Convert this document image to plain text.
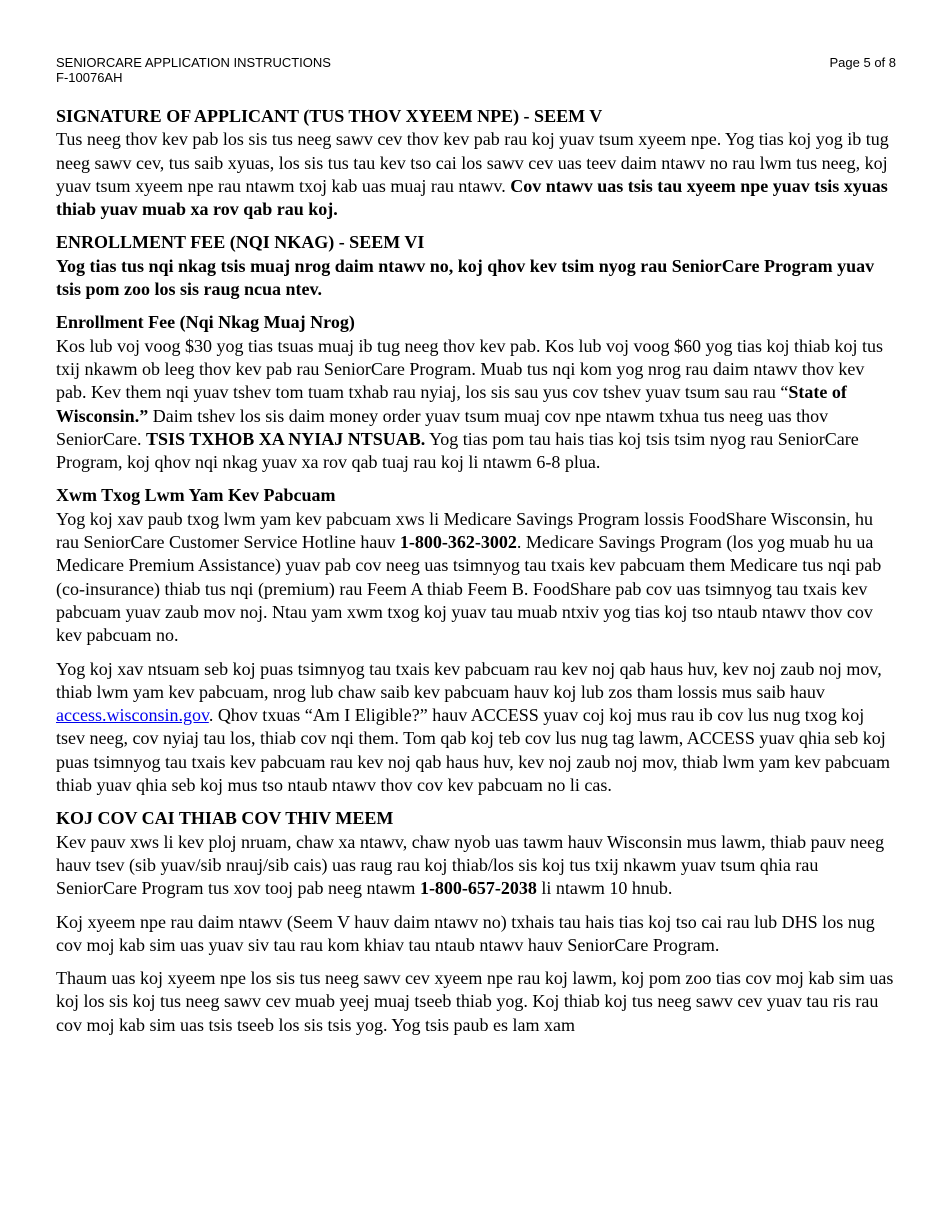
SENIORCARE APPLICATION INSTRUCTIONS
F-10076AH
Page 5 of 8
SIGNATURE OF APPLICANT (TUS THOV XYEEM NPE) - SEEM V

Tus neeg thov kev pab los sis tus neeg sawv cev thov kev pab rau koj yuav tsum xyeem npe. Yog tias koj yog ib tug neeg sawv cev, tus saib xyuas, los sis tus tau kev tso cai los sawv cev uas teev daim ntawv no rau lwm tus neeg, koj yuav tsum xyeem npe rau ntawm txoj kab uas muaj rau ntawv. Cov ntawv uas tsis tau xyeem npe yuav tsis xyuas thiab yuav muab xa rov qab rau koj.

ENROLLMENT FEE (NQI NKAG) - SEEM VI

Yog tias tus nqi nkag tsis muaj nrog daim ntawv no, koj qhov kev tsim nyog rau SeniorCare Program yuav tsis pom zoo los sis raug ncua ntev.

Enrollment Fee (Nqi Nkag Muaj Nrog)

Kos lub voj voog $30 yog tias tsuas muaj ib tug neeg thov kev pab. Kos lub voj voog $60 yog tias koj thiab koj tus txij nkawm ob leeg thov kev pab rau SeniorCare Program. Muab tus nqi kom yog nrog rau daim ntawv thov kev pab. Kev them nqi yuav tshev tom tuam txhab rau nyiaj, los sis sau yus cov tshev yuav tsum sau rau “State of Wisconsin.” Daim tshev los sis daim money order yuav tsum muaj cov npe ntawm txhua tus neeg uas thov SeniorCare. TSIS TXHOB XA NYIAJ NTSUAB. Yog tias pom tau hais tias koj tsis tsim nyog rau SeniorCare Program, koj qhov nqi nkag yuav xa rov qab tuaj rau koj li ntawm 6-8 plua.

Xwm Txog Lwm Yam Kev Pabcuam

Yog koj xav paub txog lwm yam kev pabcuam xws li Medicare Savings Program lossis FoodShare Wisconsin, hu rau SeniorCare Customer Service Hotline hauv 1-800-362-3002. Medicare Savings Program (los yog muab hu ua Medicare Premium Assistance) yuav pab cov neeg uas tsimnyog tau txais kev pabcuam them Medicare tus nqi pab (co-insurance) thiab tus nqi (premium) rau Feem A thiab Feem B. FoodShare pab cov uas tsimnyog tau txais kev pabcuam yuav zaub mov noj. Ntau yam xwm txog koj yuav tau muab ntxiv yog tias koj tso ntaub ntawv thov cov kev pabcuam no.

Yog koj xav ntsuam seb koj puas tsimnyog tau txais kev pabcuam rau kev noj qab haus huv, kev noj zaub noj mov, thiab lwm yam kev pabcuam, nrog lub chaw saib kev pabcuam hauv koj lub zos tham lossis mus saib hauv access.wisconsin.gov. Qhov txuas “Am I Eligible?” hauv ACCESS yuav coj koj mus rau ib cov lus nug txog koj tsev neeg, cov nyiaj tau los, thiab cov nqi them. Tom qab koj teb cov lus nug tag lawm, ACCESS yuav qhia seb koj puas tsimnyog tau txais kev pabcuam rau kev noj qab haus huv, kev noj zaub noj mov, thiab lwm yam kev pabcuam thiab yuav qhia seb koj mus tso ntaub ntawv thov cov kev pabcuam no li cas.

KOJ COV CAI THIAB COV THIV MEEM

Kev pauv xws li kev ploj nruam, chaw xa ntawv, chaw nyob uas tawm hauv Wisconsin mus lawm, thiab pauv neeg hauv tsev (sib yuav/sib nrauj/sib cais) uas raug rau koj thiab/los sis koj tus txij nkawm yuav tsum qhia rau SeniorCare Program tus xov tooj pab neeg ntawm 1-800-657-2038 li ntawm 10 hnub.

Koj xyeem npe rau daim ntawv (Seem V hauv daim ntawv no) txhais tau hais tias koj tso cai rau lub DHS los nug cov moj kab sim uas yuav siv tau rau kom khiav tau ntaub ntawv hauv SeniorCare Program.

Thaum uas koj xyeem npe los sis tus neeg sawv cev xyeem npe rau koj lawm, koj pom zoo tias cov moj kab sim uas koj los sis koj tus neeg sawv cev muab yeej muaj tseeb thiab yog. Koj thiab koj tus neeg sawv cev yuav tau ris rau cov moj kab sim uas tsis tseeb los sis tsis yog. Yog tsis paub es lam xam
